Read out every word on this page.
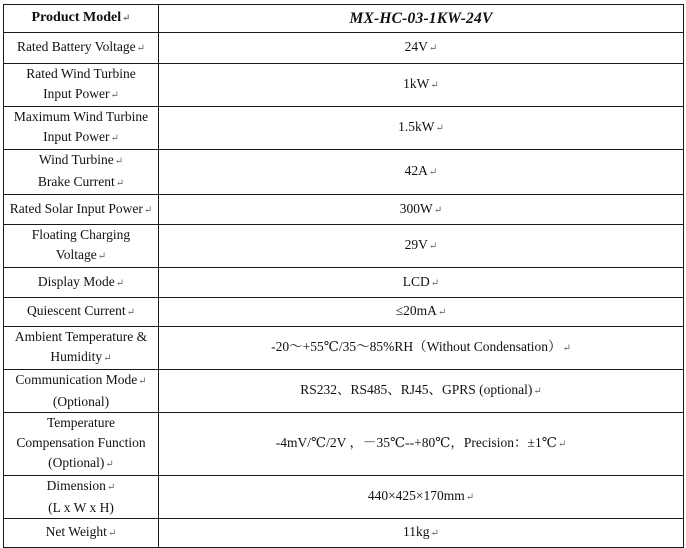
Product Model↵	MX-HC-03-1KW-24V
Rated Battery Voltage↵	24V↵

Rated Wind Turbine
Input Power↵	1kW↵

Maximum Wind Turbine
Input Power↵	1.5kW↵

Wind Turbine↵
Brake Current↵	42A↵
Rated Solar Input Power↵	300W↵

Floating Charging
Voltage↵	29V↵
Display Mode↵	LCD↵
Quiescent Current↵	≤20mA↵

Ambient Temperature &
Humidity↵	-20～+55℃/35～85%RH（Without Condensation）↵

Communication Mode↵
(Optional)	RS232、RS485、RJ45、GPRS (optional)↵

Temperature
Compensation Function
(Optional)↵	-4mV/℃/2V ，－35℃--+80℃，Precision：±1℃↵

Dimension↵
(L x W x H)	440×425×170mm↵
Net Weight↵	11kg↵
